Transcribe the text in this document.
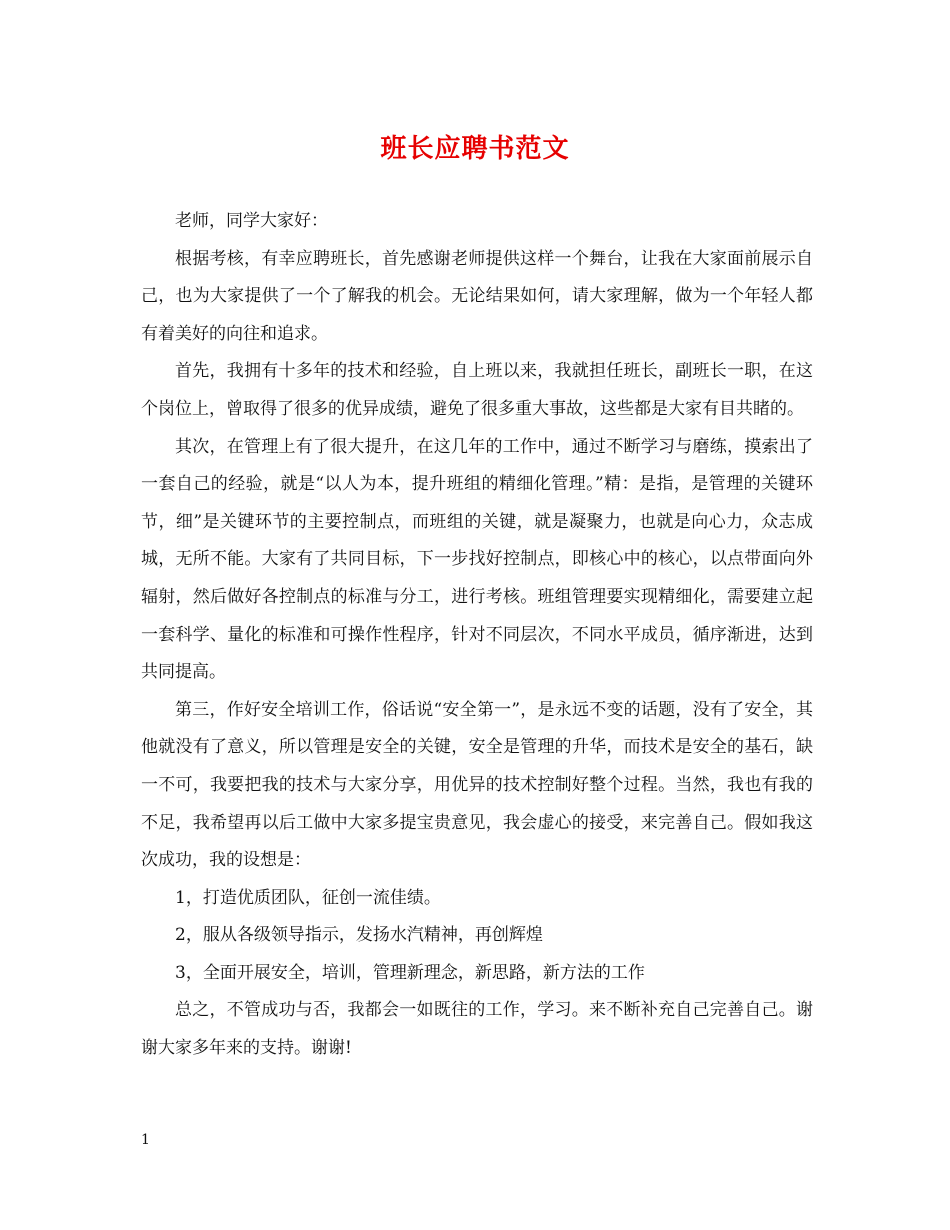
班长应聘书范文

老师，同学大家好：

根据考核，有幸应聘班长，首先感谢老师提供这样一个舞台，让我在大家面前展示自己，也为大家提供了一个了解我的机会。无论结果如何，请大家理解，做为一个年轻人都有着美好的向往和追求。

首先，我拥有十多年的技术和经验，自上班以来，我就担任班长，副班长一职，在这个岗位上，曾取得了很多的优异成绩，避免了很多重大事故，这些都是大家有目共睹的。

其次，在管理上有了很大提升，在这几年的工作中，通过不断学习与磨练，摸索出了一套自己的经验，就是“以人为本，提升班组的精细化管理。”精：是指，是管理的关键环节，细”是关键环节的主要控制点，而班组的关键，就是凝聚力，也就是向心力，众志成城，无所不能。大家有了共同目标，下一步找好控制点，即核心中的核心，以点带面向外辐射，然后做好各控制点的标准与分工，进行考核。班组管理要实现精细化，需要建立起一套科学、量化的标准和可操作性程序，针对不同层次，不同水平成员，循序渐进，达到共同提高。

第三，作好安全培训工作，俗话说“安全第一”，是永远不变的话题，没有了安全，其他就没有了意义，所以管理是安全的关键，安全是管理的升华，而技术是安全的基石，缺一不可，我要把我的技术与大家分享，用优异的技术控制好整个过程。当然，我也有我的不足，我希望再以后工做中大家多提宝贵意见，我会虚心的接受，来完善自己。假如我这次成功，我的设想是：

1，打造优质团队，征创一流佳绩。

2，服从各级领导指示，发扬水汽精神，再创辉煌

3，全面开展安全，培训，管理新理念，新思路，新方法的工作

总之，不管成功与否，我都会一如既往的工作，学习。来不断补充自己完善自己。谢谢大家多年来的支持。谢谢!

1
